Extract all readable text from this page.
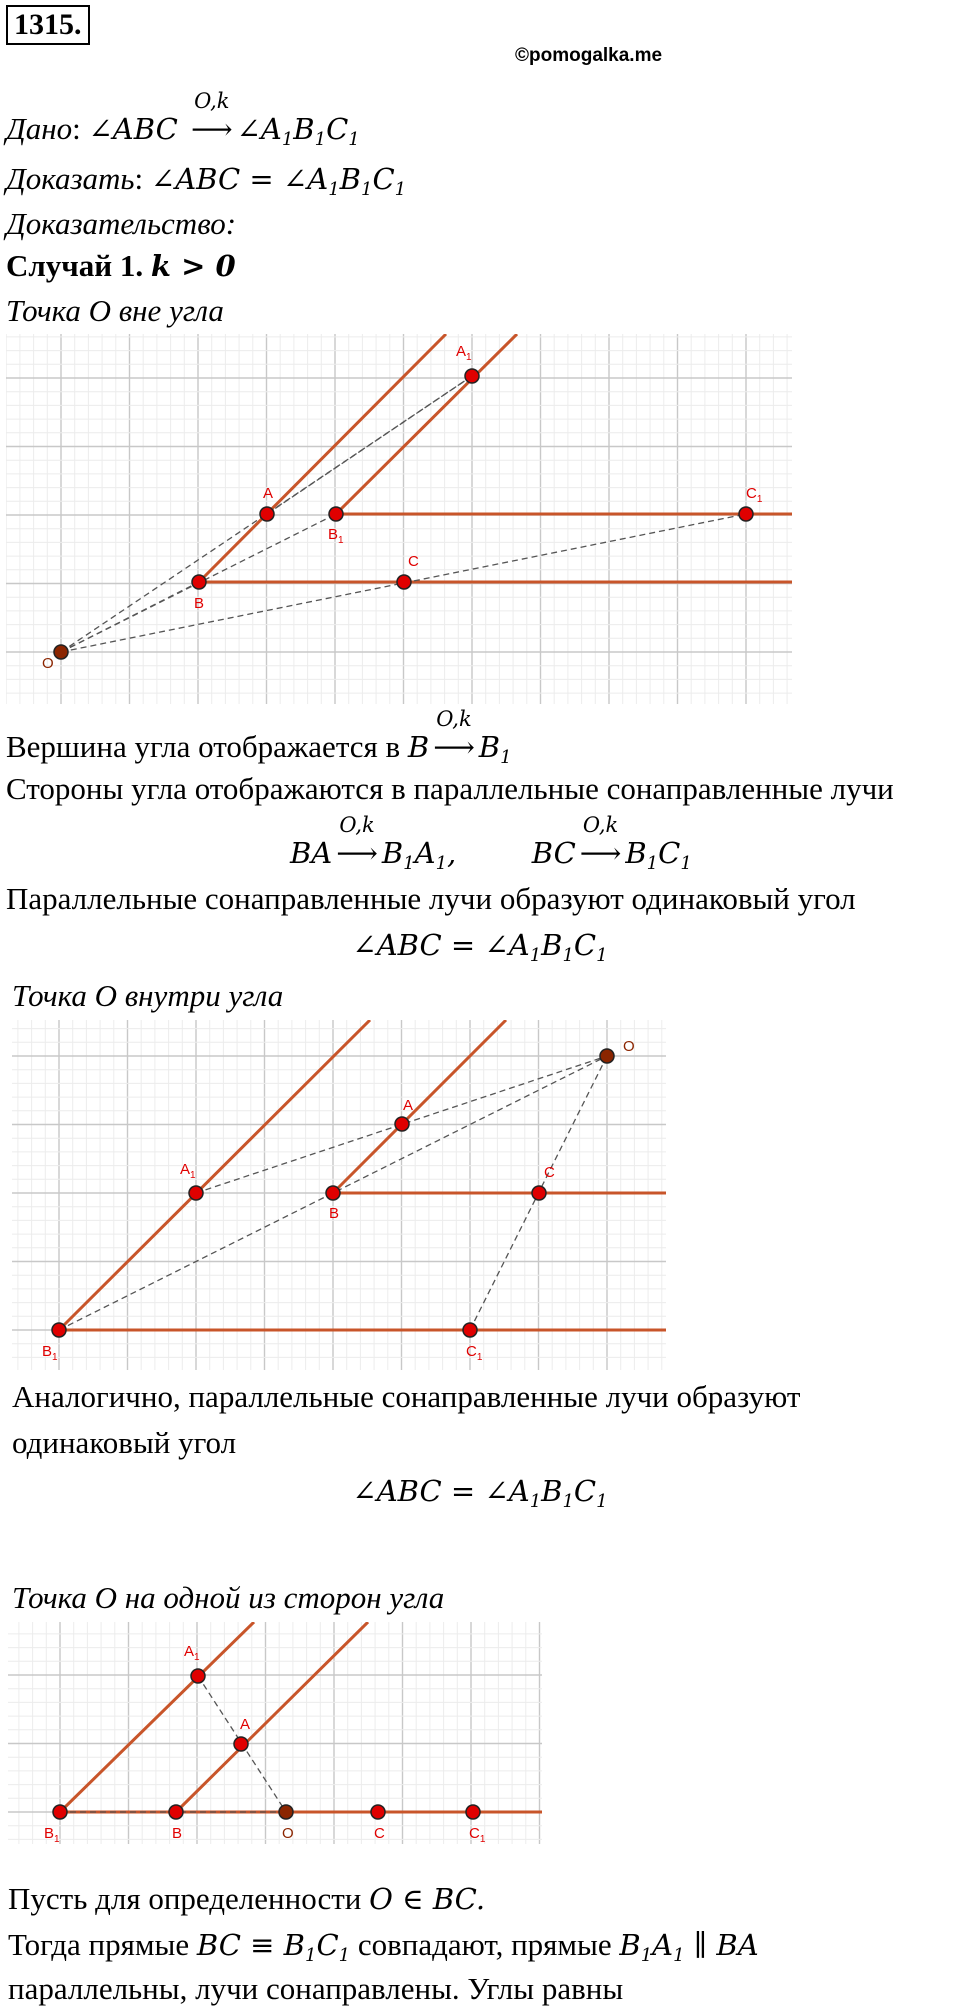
1315.
©pomogalka.me
Дано: ∠ABC ⟶
O,k
$\angle A_1B_1C_1$
Доказать: ∠ABC = $\angle A_1B_1C_1$
Доказательство:
Случай 1. k > 0
Точка O вне угла
$A_1$
A
$B_1$
$C_1$
B
C
O
Вершина угла отображается в B ⟶
O,k
$B_1$
Стороны угла отображаются в параллельные сонаправленные лучи
BA ⟶
O,k
$B_1A_1$,	BC ⟶
O,k
$B_1C_1$
Параллельные сонаправленные лучи образуют одинаковый угол
∠ABC = $\angle A_1B_1C_1$
Точка O внутри угла
O
A
$A_1$
B
C
$B_1$	$C_1$
Аналогично, параллельные сонаправленные лучи образуют
одинаковый угол
∠ABC = $\angle A_1B_1C_1$
Точка O на одной из сторон угла
$A_1$
A
$B_1$	B	O	C	$C_1$
Пусть для определенности O ∈ BC.
Тогда прямые BC ≡ $B_1C_1$ совпадают, прямые $B_1A_1$ ∥ BA
параллельны, лучи сонаправлены. Углы равны
